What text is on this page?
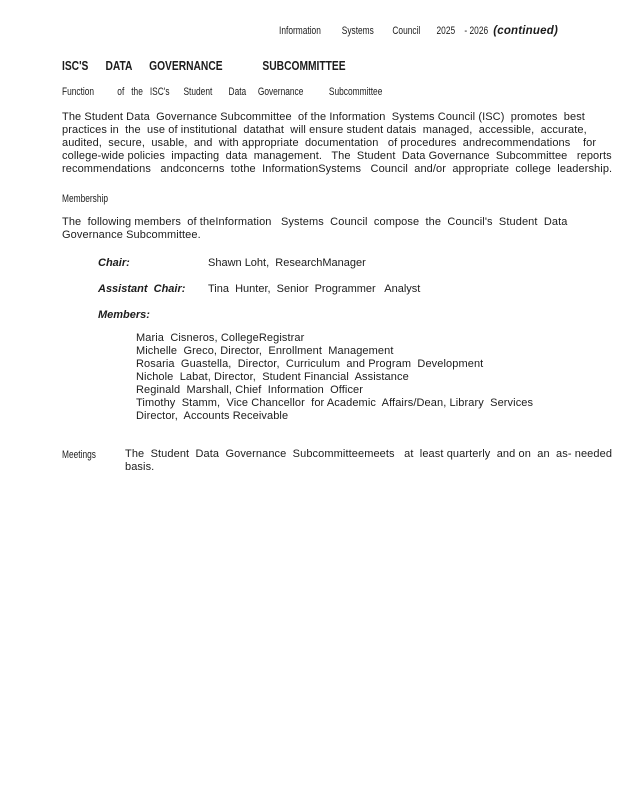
Information         Systems        Council       2025    - 2026 (continued)
ISC'S      DATA      GOVERNANCE              SUBCOMMITTEE
Function          of   the   ISC's      Student       Data     Governance           Subcommittee
The Student Data  Governance Subcommittee  of the Information  Systems Council (ISC)  promotes  best
practices in  the  use of institutional  datathat  will ensure student datais  managed,  accessible,  accurate,
audited,  secure,  usable,  and  with appropriate  documentation   of procedures  andrecommendations    for
college-wide policies  impacting  data  management.   The  Student  Data Governance  Subcommittee   reports
recommendations   andconcerns  tothe  InformationSystems   Council  and/or  appropriate  college  leadership.
Membership
The  following members  of theInformation   Systems  Council  compose  the  Council's  Student  Data
Governance Subcommittee.
Chair:	Shawn Loht,  ResearchManager
Assistant  Chair: Tina  Hunter,  Senior  Programmer   Analyst
Members:
Maria  Cisneros, CollegeRegistrar
Michelle  Greco, Director,  Enrollment  Management
Rosaria  Guastella,  Director,  Curriculum  and Program  Development
Nichole  Labat, Director,  Student Financial  Assistance
Reginald  Marshall, Chief  Information  Officer
Timothy  Stamm,  Vice Chancellor  for Academic  Affairs/Dean, Library  Services
Director,  Accounts Receivable
Meetings	The  Student  Data  Governance  Subcommitteemeets   at  least quarterly  and on  an  as- needed
basis.
